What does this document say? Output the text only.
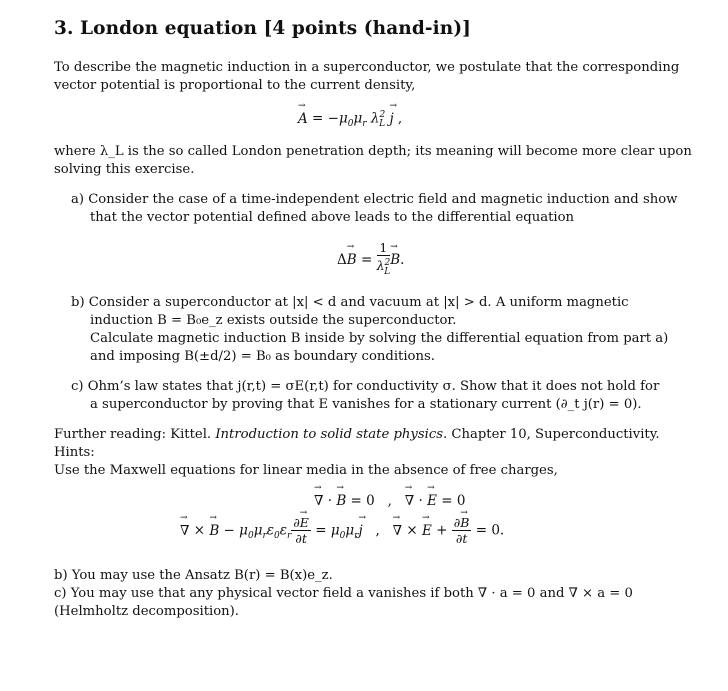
3. London equation [4 points (hand-in)]
To describe the magnetic induction in a superconductor, we postulate that the corresponding
vector potential is proportional to the current density,
→ $A = -\mu_0\mu_r$ $\lambda^2_L \to j$ ,
where λ_L is the so called London penetration depth; its meaning will become more clear upon
solving this exercise.
a) Consider the case of a time-independent electric field and magnetic induction and show
that the vector potential defined above leads to the differential equation
$\Delta\to B = \frac{1}{\lambda^2_L}$
→ B.
b) Consider a superconductor at |x| < d and vacuum at |x| > d. A uniform magnetic
induction B = B₀e_z exists outside the superconductor.
Calculate magnetic induction B inside by solving the differential equation from part a)
and imposing B(±d/2) = B₀ as boundary conditions.
c) Ohm’s law states that j(r,t) = σE(r,t) for conductivity σ. Show that it does not hold for
a superconductor by proving that E vanishes for a stationary current (∂_t j(r) = 0).
Further reading: Kittel. Introduction to solid state physics. Chapter 10, Superconductivity.
Hints:
Use the Maxwell equations for linear media in the absence of free charges,
→ ∇ · → B = 0   ,   → ∇ · → E = 0
→ ∇ × → $B - \mu_0\mu_r\varepsilon_0\varepsilon_r \frac{\partial\to E}{\partial t} = \mu_0\mu_r\to j$   ,   → ∇ × → $E + \frac{\partial\to B}{\partial t} = 0$.
b) You may use the Ansatz B(r) = B(x)e_z.
c) You may use that any physical vector field a vanishes if both ∇ · a = 0 and ∇ × a = 0
(Helmholtz decomposition).
